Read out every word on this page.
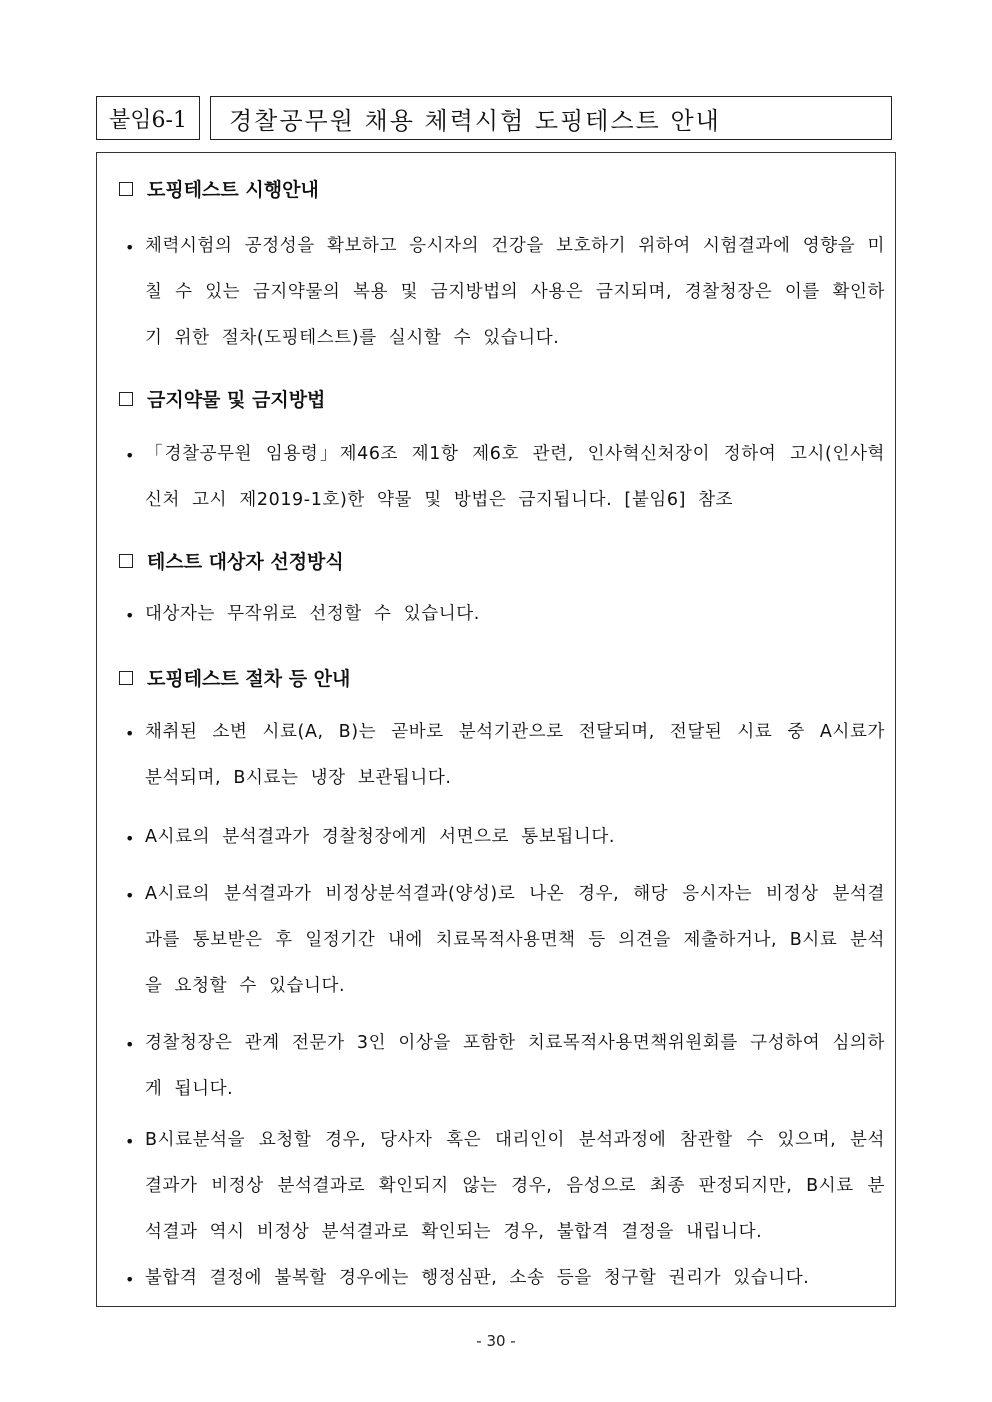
붙임6-1	경찰공무원 채용 체력시험 도핑테스트 안내
도핑테스트 시행안내
• 체력시험의 공정성을 확보하고 응시자의 건강을 보호하기 위하여 시험결과에 영향을 미칠 수 있는 금지약물의 복용 및 금지방법의 사용은 금지되며, 경찰청장은 이를 확인하기 위한 절차(도핑테스트)를 실시할 수 있습니다.
금지약물 및 금지방법
• 「경찰공무원 임용령」제46조 제1항 제6호 관련, 인사혁신처장이 정하여 고시(인사혁신처 고시 제2019-1호)한 약물 및 방법은 금지됩니다. [붙임6] 참조
테스트 대상자 선정방식
• 대상자는 무작위로 선정할 수 있습니다.
도핑테스트 절차 등 안내
• 채취된 소변 시료(A, B)는 곧바로 분석기관으로 전달되며, 전달된 시료 중 A시료가 분석되며, B시료는 냉장 보관됩니다.
• A시료의 분석결과가 경찰청장에게 서면으로 통보됩니다.
• A시료의 분석결과가 비정상분석결과(양성)로 나온 경우, 해당 응시자는 비정상 분석결과를 통보받은 후 일정기간 내에 치료목적사용면책 등 의견을 제출하거나, B시료 분석을 요청할 수 있습니다.
• 경찰청장은 관계 전문가 3인 이상을 포함한 치료목적사용면책위원회를 구성하여 심의하게 됩니다.
• B시료분석을 요청할 경우, 당사자 혹은 대리인이 분석과정에 참관할 수 있으며, 분석결과가 비정상 분석결과로 확인되지 않는 경우, 음성으로 최종 판정되지만, B시료 분석결과 역시 비정상 분석결과로 확인되는 경우, 불합격 결정을 내립니다.
• 불합격 결정에 불복할 경우에는 행정심판, 소송 등을 청구할 권리가 있습니다.
- 30 -
